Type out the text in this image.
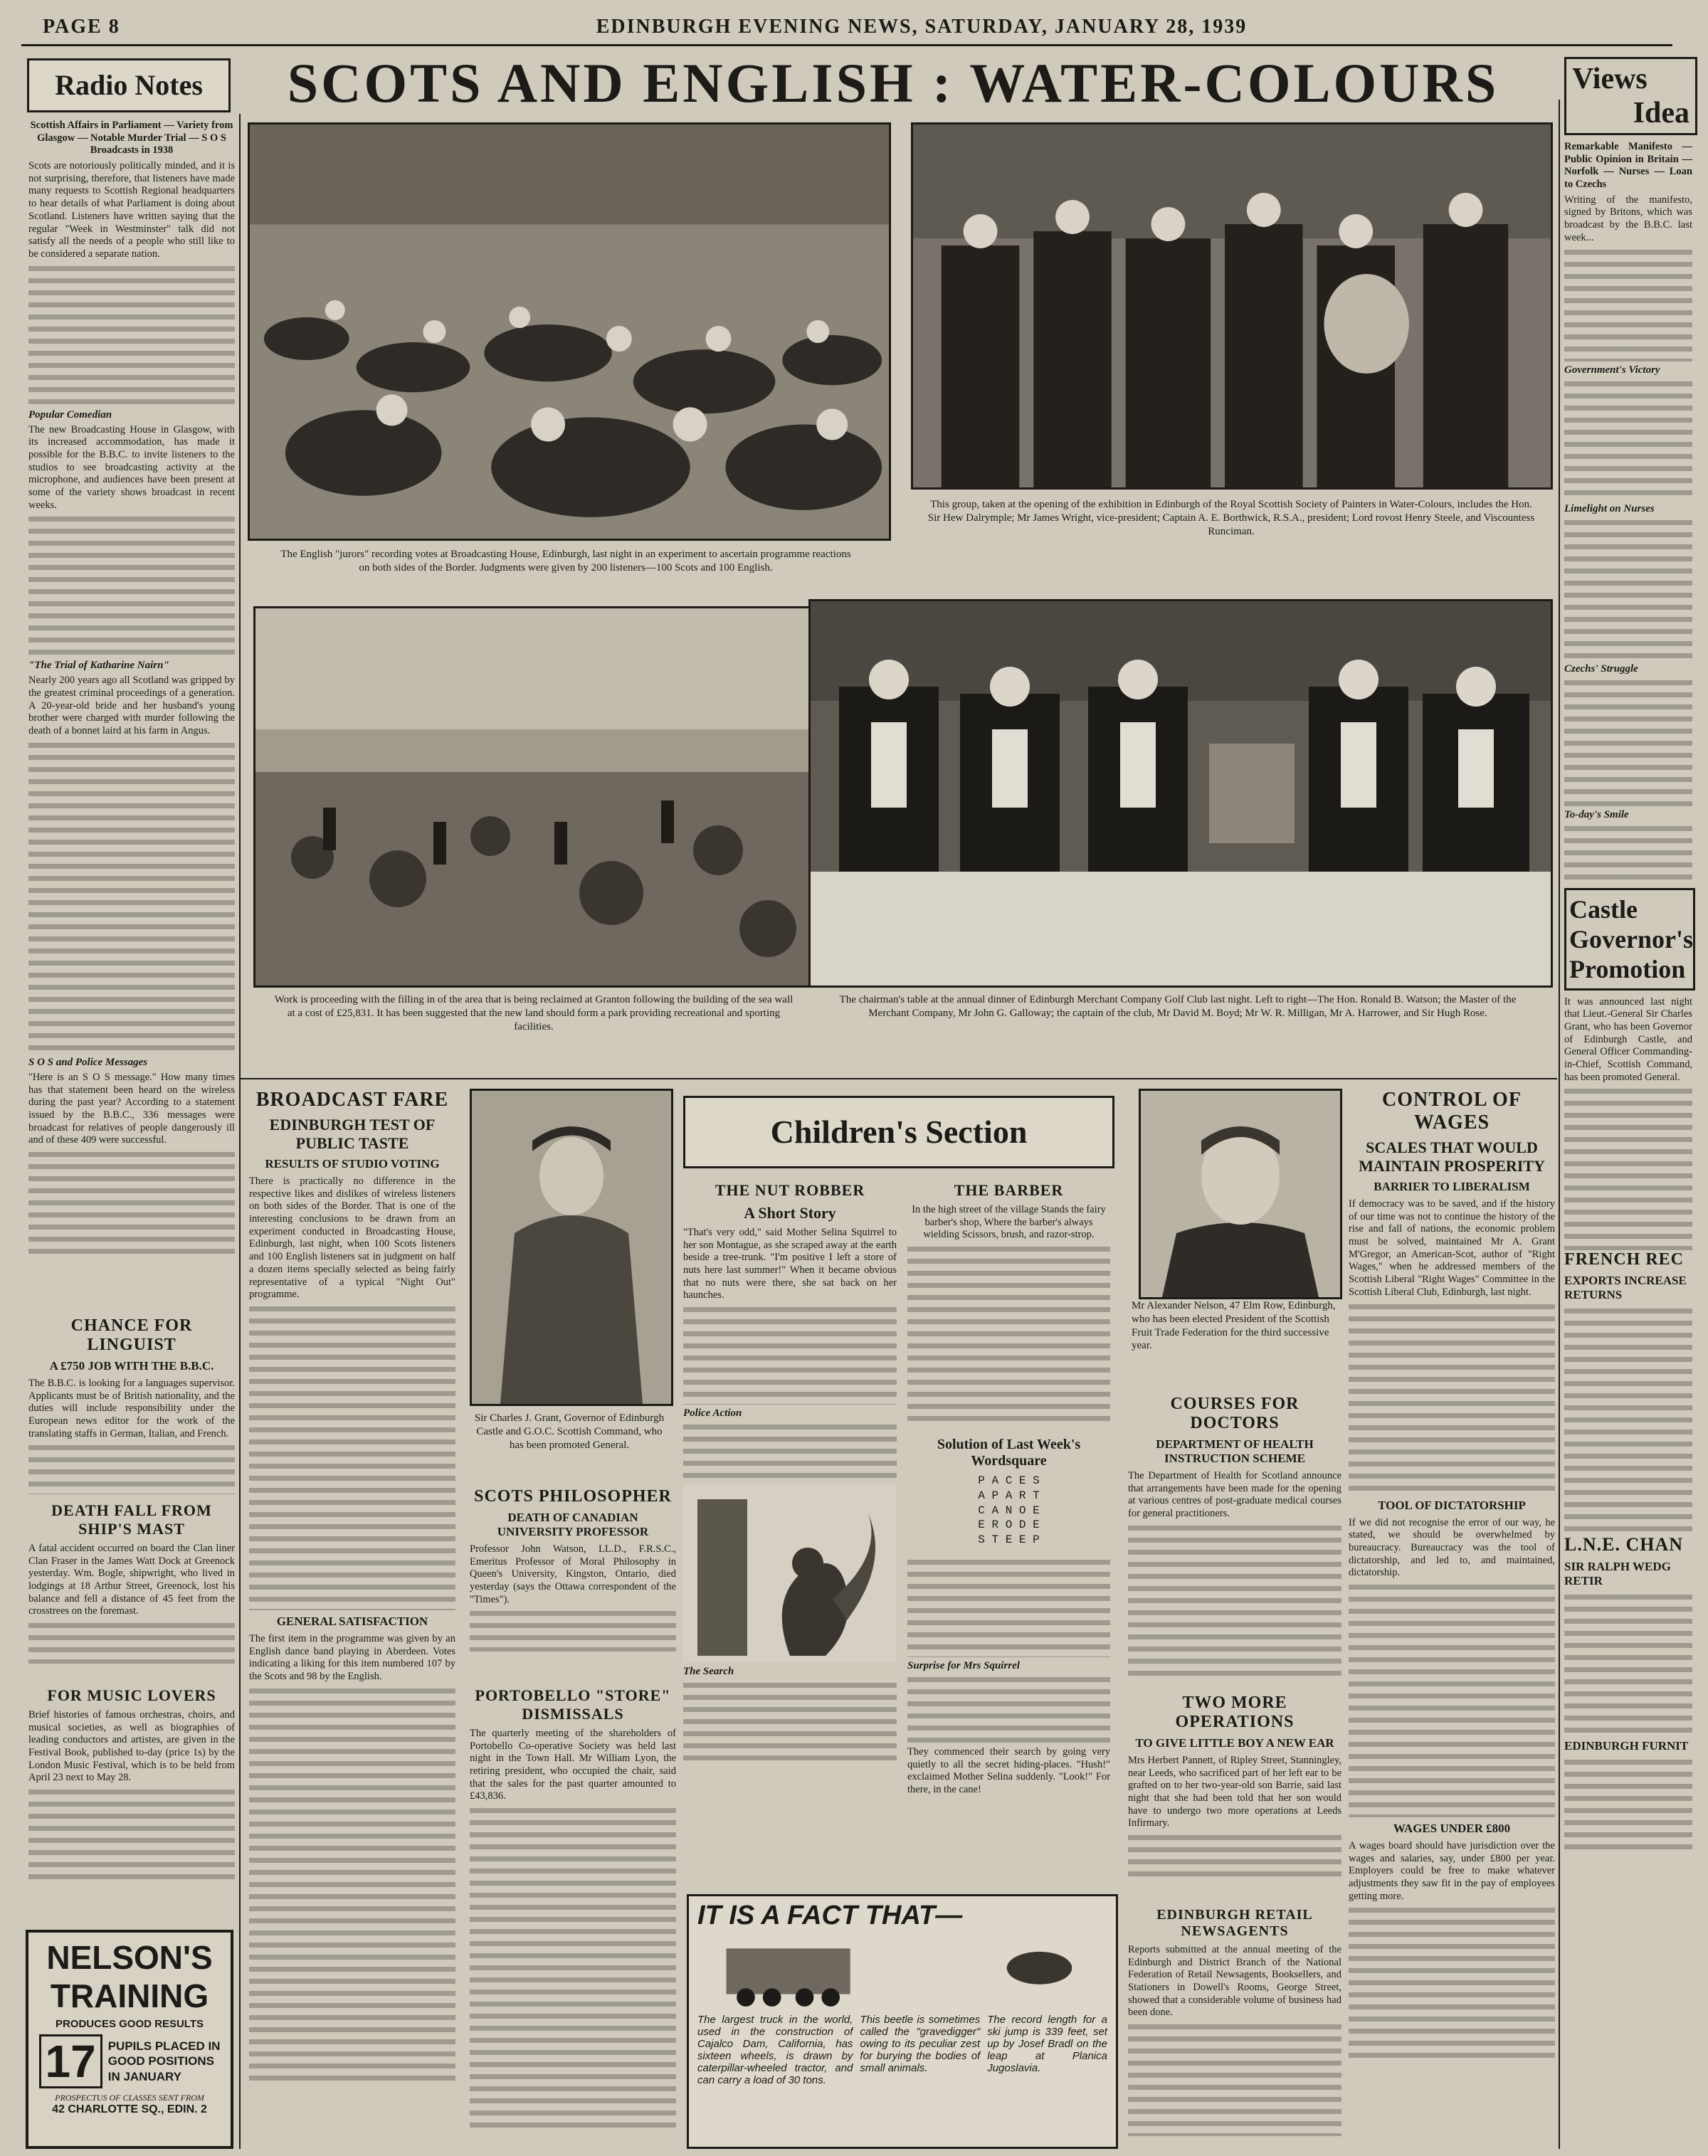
PAGE 8	EDINBURGH EVENING NEWS, SATURDAY, JANUARY 28, 1939
SCOTS AND ENGLISH : WATER-COLOURS
Radio Notes

Scottish Affairs in Parliament — Variety from Glasgow — Notable Murder Trial — S O S Broadcasts in 1938

Scots are notoriously politically minded, and it is not surprising, therefore, that listeners have made many requests to Scottish Regional headquarters to hear details of what Parliament is doing about Scotland. Listeners have written saying that the regular "Week in Westminster" talk did not satisfy all the needs of a people who still like to be considered a separate nation.

Popular Comedian

The new Broadcasting House in Glasgow, with its increased accommodation, has made it possible for the B.B.C. to invite listeners to the studios to see broadcasting activity at the microphone, and audiences have been present at some of the variety shows broadcast in recent weeks.

"The Trial of Katharine Nairn"

Nearly 200 years ago all Scotland was gripped by the greatest criminal proceedings of a generation. A 20-year-old bride and her husband's young brother were charged with murder following the death of a bonnet laird at his farm in Angus.

S O S and Police Messages

"Here is an S O S message." How many times has that statement been heard on the wireless during the past year? According to a statement issued by the B.B.C., 336 messages were broadcast for relatives of people dangerously ill and of these 409 were successful.

CHANCE FOR LINGUIST

A £750 JOB WITH THE B.B.C.

The B.B.C. is looking for a languages supervisor. Applicants must be of British nationality, and the duties will include responsibility under the European news editor for the work of the translating staffs in German, Italian, and French.

DEATH FALL FROM SHIP'S MAST

A fatal accident occurred on board the Clan liner Clan Fraser in the James Watt Dock at Greenock yesterday. Wm. Bogle, shipwright, who lived in lodgings at 18 Arthur Street, Greenock, lost his balance and fell a distance of 45 feet from the crosstrees on the foremast.

FOR MUSIC LOVERS

Brief histories of famous orchestras, choirs, and musical societies, as well as biographies of leading conductors and artistes, are given in the Festival Book, published to-day (price 1s) by the London Music Festival, which is to be held from April 23 next to May 28.

NELSON'S
TRAINING
PRODUCES GOOD RESULTS
17	PUPILS PLACED IN
GOOD POSITIONS
IN JANUARY
PROSPECTUS OF CLASSES SENT FROM
42 CHARLOTTE SQ., EDIN. 2
The English "jurors" recording votes at Broadcasting House, Edinburgh, last night in an experiment to ascertain programme reactions on both sides of the Border. Judgments were given by 200 listeners—100 Scots and 100 English.
This group, taken at the opening of the exhibition in Edinburgh of the Royal Scottish Society of Painters in Water-Colours, includes the Hon. Sir Hew Dalrymple; Mr James Wright, vice-president; Captain A. E. Borthwick, R.S.A., president; Lord rovost Henry Steele, and Viscountess Runciman.
Work is proceeding with the filling in of the area that is being reclaimed at Granton following the building of the sea wall at a cost of £25,831. It has been suggested that the new land should form a park providing recreational and sporting facilities.
The chairman's table at the annual dinner of Edinburgh Merchant Company Golf Club last night. Left to right—The Hon. Ronald B. Watson; the Master of the Merchant Company, Mr John G. Galloway; the captain of the club, Mr David M. Boyd; Mr W. R. Milligan, Mr A. Harrower, and Sir Hugh Rose.

BROADCAST FARE

EDINBURGH TEST OF PUBLIC TASTE

RESULTS OF STUDIO VOTING

There is practically no difference in the respective likes and dislikes of wireless listeners on both sides of the Border. That is one of the interesting conclusions to be drawn from an experiment conducted in Broadcasting House, Edinburgh, last night, when 100 Scots listeners and 100 English listeners sat in judgment on half a dozen items specially selected as being fairly representative of a typical "Night Out" programme.

GENERAL SATISFACTION

The first item in the programme was given by an English dance band playing in Aberdeen. Votes indicating a liking for this item numbered 107 by the Scots and 98 by the English.

Sir Charles J. Grant, Governor of Edinburgh Castle and G.O.C. Scottish Command, who has been promoted General.

SCOTS PHILOSOPHER

DEATH OF CANADIAN UNIVERSITY PROFESSOR

Professor John Watson, LL.D., F.R.S.C., Emeritus Professor of Moral Philosophy in Queen's University, Kingston, Ontario, died yesterday (says the Ottawa correspondent of the "Times").

PORTOBELLO "STORE" DISMISSALS

The quarterly meeting of the shareholders of Portobello Co-operative Society was held last night in the Town Hall. Mr William Lyon, the retiring president, who occupied the chair, said that the sales for the past quarter amounted to £43,836.

Children's Section

THE NUT ROBBER

A Short Story

"That's very odd," said Mother Selina Squirrel to her son Montague, as she scraped away at the earth beside a tree-trunk. "I'm positive I left a store of nuts here last summer!" When it became obvious that no nuts were there, she sat back on her haunches.

Police Action

The Search

THE BARBER

In the high street of the village Stands the fairy barber's shop, Where the barber's always wielding Scissors, brush, and razor-strop.

Solution of Last Week's Wordsquare

P A C E S
A P A R T
C A N O E
E R O D E
S T E E P

Surprise for Mrs Squirrel

They commenced their search by going very quietly to all the secret hiding-places. "Hush!" exclaimed Mother Selina suddenly. "Look!" For there, in the cane!

IT IS A FACT THAT—

The largest truck in the world, used in the construction of Cajalco Dam, California, has sixteen wheels, is drawn by caterpillar-wheeled tractor, and can carry a load of 30 tons.

This beetle is sometimes called the "gravedigger" owing to its peculiar zest for burying the bodies of small animals.

The record length for a ski jump is 339 feet, set up by Josef Bradl on the leap at Planica Jugoslavia.

Mr Alexander Nelson, 47 Elm Row, Edinburgh, who has been elected President of the Scottish Fruit Trade Federation for the third successive year.

COURSES FOR DOCTORS

DEPARTMENT OF HEALTH INSTRUCTION SCHEME

The Department of Health for Scotland announce that arrangements have been made for the opening at various centres of post-graduate medical courses for general practitioners.

TWO MORE OPERATIONS

TO GIVE LITTLE BOY A NEW EAR

Mrs Herbert Pannett, of Ripley Street, Stanningley, near Leeds, who sacrificed part of her left ear to be grafted on to her two-year-old son Barrie, said last night that she had been told that her son would have to undergo two more operations at Leeds Infirmary.

EDINBURGH RETAIL NEWSAGENTS

Reports submitted at the annual meeting of the Edinburgh and District Branch of the National Federation of Retail Newsagents, Booksellers, and Stationers in Dowell's Rooms, George Street, showed that a considerable volume of business had been done.

CONTROL OF WAGES

SCALES THAT WOULD MAINTAIN PROSPERITY

BARRIER TO LIBERALISM

If democracy was to be saved, and if the history of our time was not to continue the history of the rise and fall of nations, the economic problem must be solved, maintained Mr A. Grant M'Gregor, an American-Scot, author of "Right Wages," when he addressed members of the Scottish Liberal "Right Wages" Committee in the Scottish Liberal Club, Edinburgh, last night.

TOOL OF DICTATORSHIP

If we did not recognise the error of our way, he stated, we should be overwhelmed by bureaucracy. Bureaucracy was the tool of dictatorship, and led to, and maintained, dictatorship.

WAGES UNDER £800

A wages board should have jurisdiction over the wages and salaries, say, under £800 per year. Employers could be free to make whatever adjustments they saw fit in the pay of employees getting more.

Views
Idea

Remarkable Manifesto — Public Opinion in Britain — Norfolk — Nurses — Loan to Czechs

Writing of the manifesto, signed by Britons, which was broadcast by the B.B.C. last week...

Government's Victory

Limelight on Nurses

Czechs' Struggle

To-day's Smile

Castle
Governor's
Promotion

It was announced last night that Lieut.-General Sir Charles Grant, who has been Governor of Edinburgh Castle, and General Officer Commanding-in-Chief, Scottish Command, has been promoted General.

FRENCH REC

EXPORTS INCREASE RETURNS

L.N.E. CHAN

SIR RALPH WEDG RETIR

EDINBURGH FURNIT
